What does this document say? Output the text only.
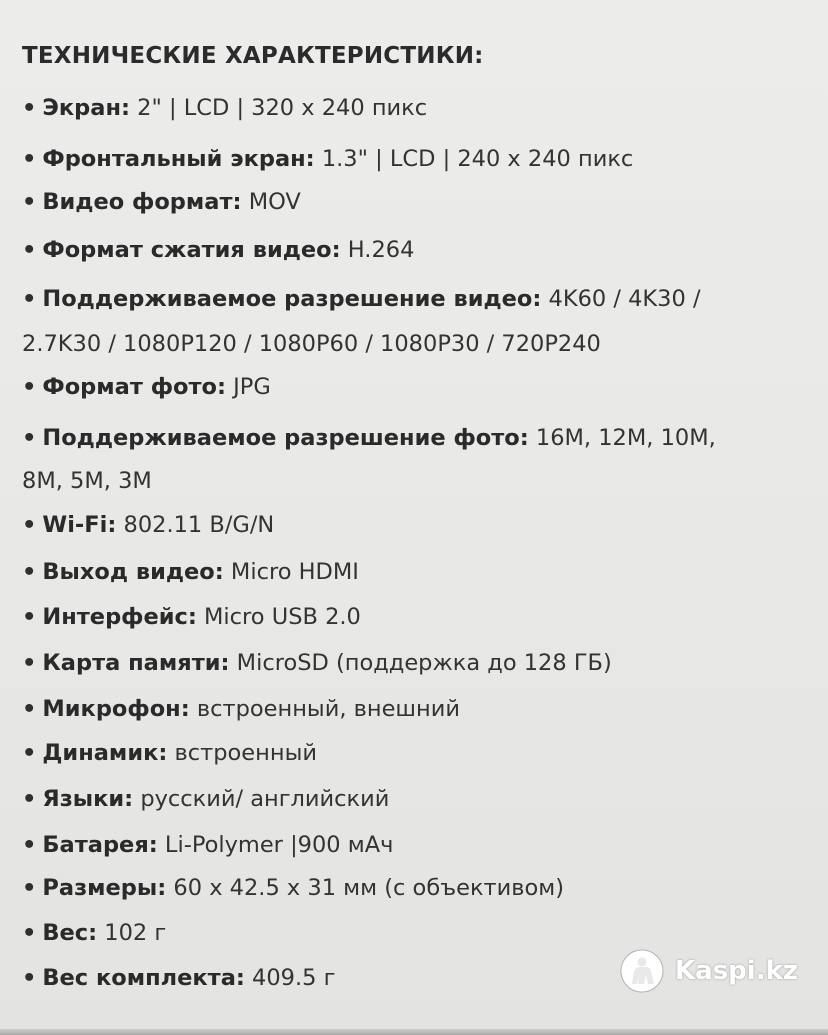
ТЕХНИЧЕСКИЕ ХАРАКТЕРИСТИКИ:
• Экран: 2" | LCD | 320 x 240 пикс
• Фронтальный экран: 1.3" | LCD | 240 x 240 пикс
• Видео формат: MOV
• Формат сжатия видео: H.264
• Поддерживаемое разрешение видео: 4K60 / 4K30 /
2.7K30 / 1080P120 / 1080P60 / 1080P30 / 720P240
• Формат фото: JPG
• Поддерживаемое разрешение фото: 16M, 12M, 10M,
8M, 5M, 3M
• Wi-Fi: 802.11 B/G/N
• Выход видео: Micro HDMI
• Интерфейс: Micro USB 2.0
• Карта памяти: MicroSD (поддержка до 128 ГБ)
• Микрофон: встроенный, внешний
• Динамик: встроенный
• Языки: русский/ английский
• Батарея: Li-Polymer |900 мАч
• Размеры: 60 x 42.5 x 31 мм (с объективом)
• Вес: 102 г
• Вес комплекта: 409.5 г	Kaspi.kz
